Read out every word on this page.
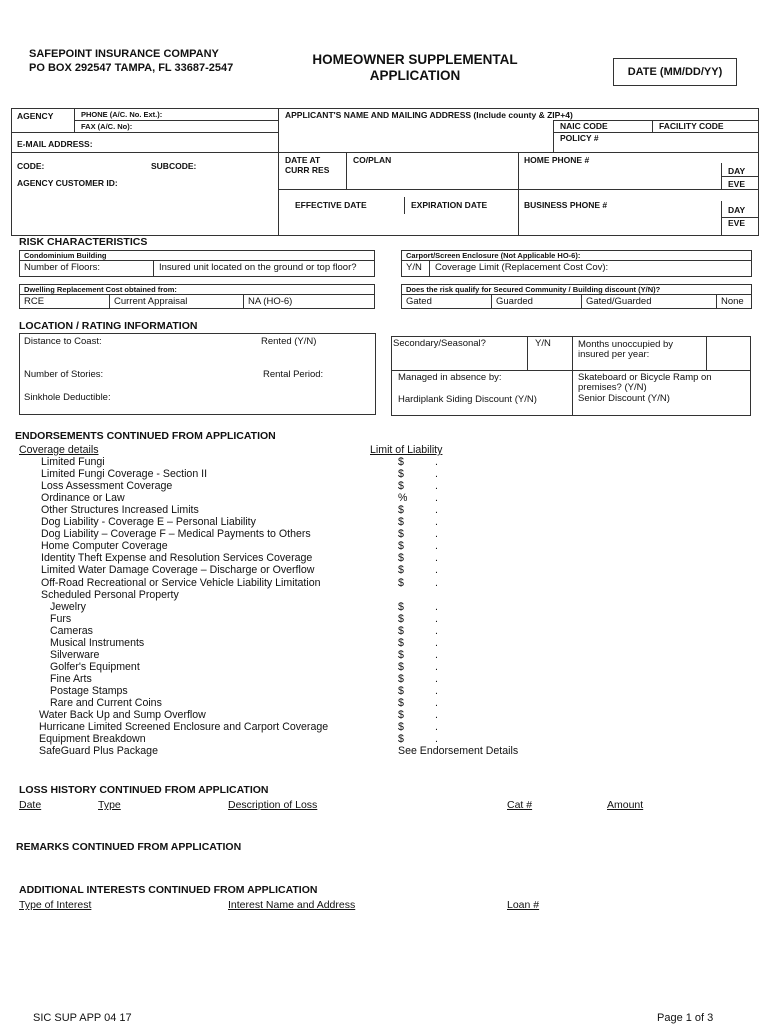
SAFEPOINT INSURANCE COMPANY
PO BOX 292547 TAMPA, FL 33687-2547
HOMEOWNER SUPPLEMENTAL
APPLICATION	DATE (MM/DD/YY)
AGENCY	PHONE (A/C. No. Ext.):
FAX (A/C. No):
E-MAIL ADDRESS:
CODE:	SUBCODE:
AGENCY CUSTOMER ID:
APPLICANT'S NAME AND MAILING ADDRESS (Include county & ZIP+4)
NAIC CODE	FACILITY CODE
POLICY #
DATE AT CURR RES
CO/PLAN	HOME PHONE #
DAY
EVE
EFFECTIVE DATE	EXPIRATION DATE	BUSINESS PHONE #	DAY
EVE
RISK CHARACTERISTICS
Condominium Building
Number of Floors:	Insured unit located on the ground or top floor?
Dwelling Replacement Cost obtained from:
RCE	Current Appraisal	NA (HO-6)
Carport/Screen Enclosure (Not Applicable HO-6):
Y/N Coverage Limit (Replacement Cost Cov):
Does the risk qualify for Secured Community / Building discount (Y/N)?
Gated	Guarded	Gated/Guarded	None
LOCATION / RATING INFORMATION
Distance to Coast:	Rented (Y/N)
Number of Stories:	Rental Period:
Sinkhole Deductible:
Secondary/Seasonal?	Y/N	Months unoccupied by
insured per year:
Managed in absence by:	Skateboard or Bicycle Ramp on
premises? (Y/N)
Hardiplank Siding Discount (Y/N)	Senior Discount (Y/N)
ENDORSEMENTS CONTINUED FROM APPLICATION
Coverage details	Limit of Liability
Limited Fungi	$	.
Limited Fungi Coverage - Section II	$	.
Loss Assessment Coverage	$	.
Ordinance or Law	%	.
Other Structures Increased Limits	$	.
Dog Liability - Coverage E – Personal Liability	$	.
Dog Liability – Coverage F – Medical Payments to Others	$	.
Home Computer Coverage	$	.
Identity Theft Expense and Resolution Services Coverage	$	.
Limited Water Damage Coverage – Discharge or Overflow	$	.
Off-Road Recreational or Service Vehicle Liability Limitation	$	.
Scheduled Personal Property
Jewelry	$	.
Furs	$	.
Cameras	$	.
Musical Instruments	$	.
Silverware	$	.
Golfer's Equipment	$	.
Fine Arts	$	.
Postage Stamps	$	.
Rare and Current Coins	$	.
Water Back Up and Sump Overflow	$	.
Hurricane Limited Screened Enclosure and Carport Coverage	$	.
Equipment Breakdown	$	.
SafeGuard Plus Package	See Endorsement Details
LOSS HISTORY CONTINUED FROM APPLICATION
Date	Type	Description of Loss	Cat #	Amount
REMARKS CONTINUED FROM APPLICATION
ADDITIONAL INTERESTS CONTINUED FROM APPLICATION
Type of Interest	Interest Name and Address	Loan #
SIC SUP APP 04 17	Page 1 of 3
